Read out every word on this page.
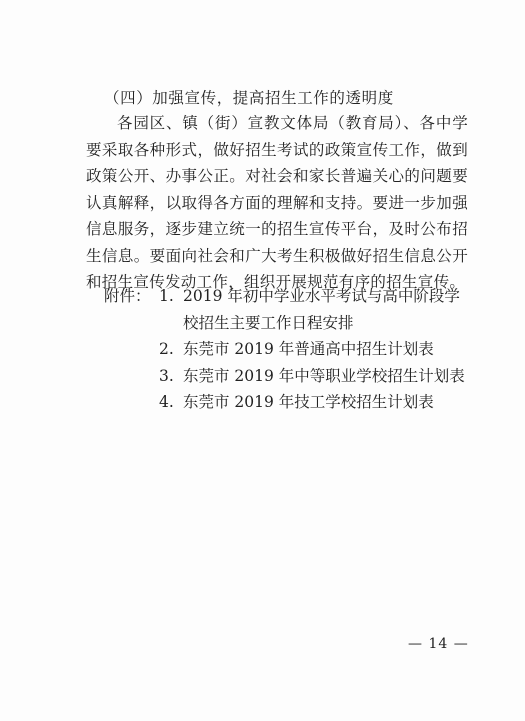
（四）加强宣传，提高招生工作的透明度

各园区、镇（街）宣教文体局（教育局）、各中学要采取各种形式，做好招生考试的政策宣传工作，做到政策公开、办事公正。对社会和家长普遍关心的问题要认真解释，以取得各方面的理解和支持。要进一步加强信息服务，逐步建立统一的招生宣传平台，及时公布招生信息。要面向社会和广大考生积极做好招生信息公开和招生宣传发动工作，组织开展规范有序的招生宣传。

附件： 1. 2019 年初中学业水平考试与高中阶段学校招生主要工作日程安排
2. 东莞市 2019 年普通高中招生计划表
3. 东莞市 2019 年中等职业学校招生计划表
4. 东莞市 2019 年技工学校招生计划表
— 14 —
